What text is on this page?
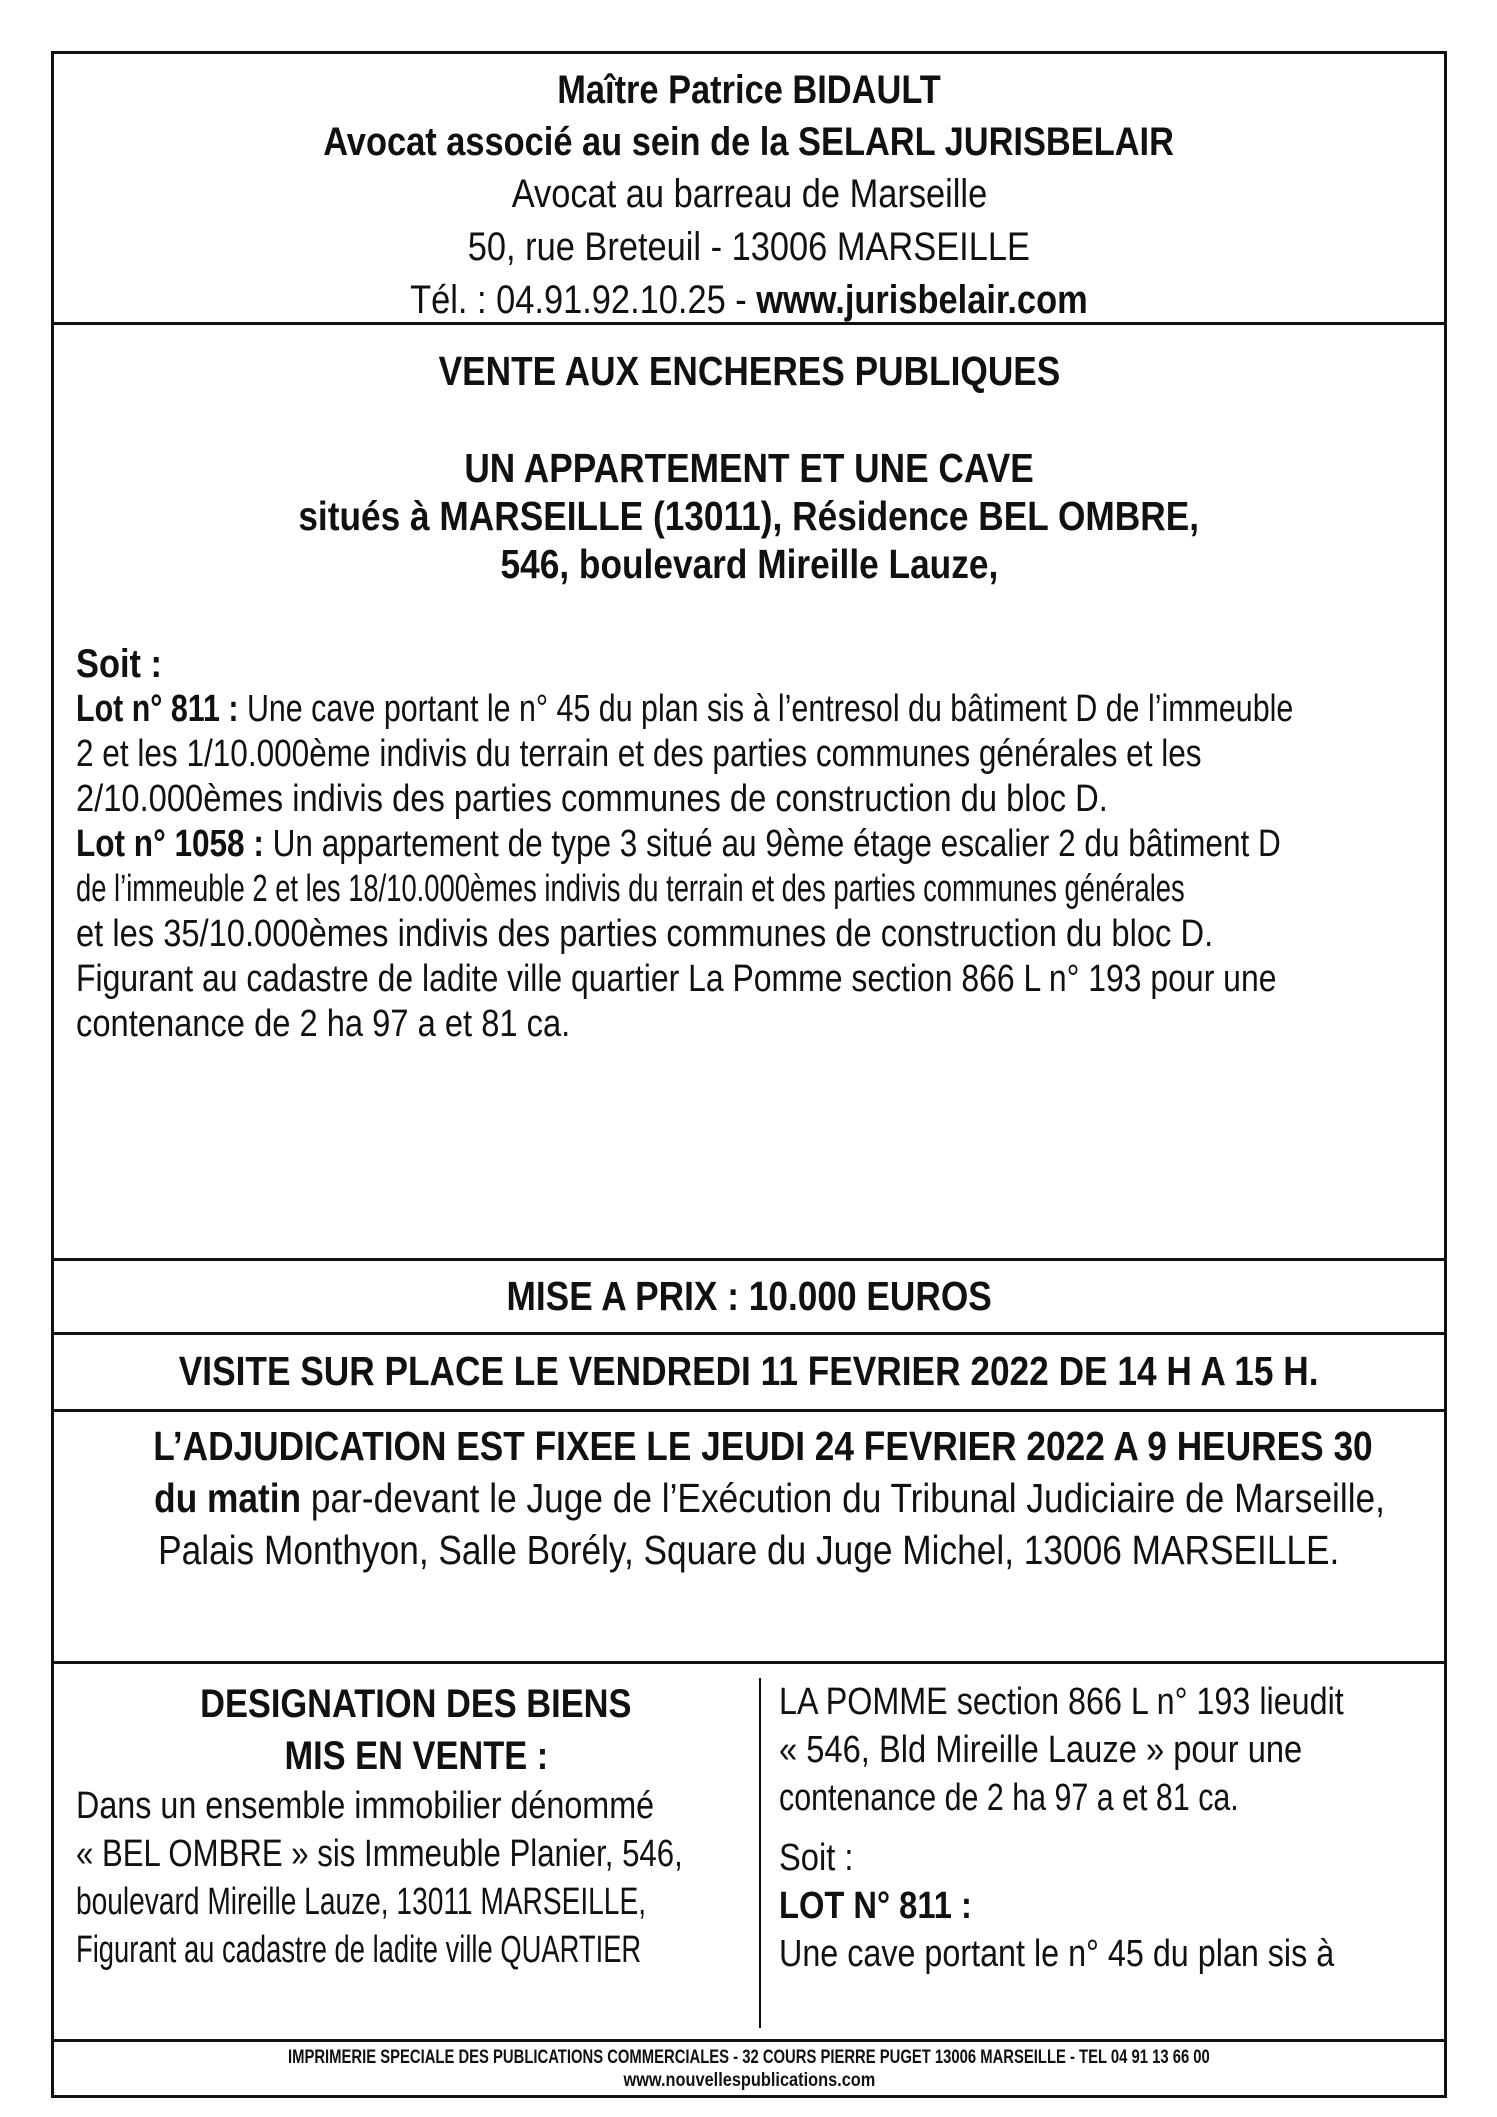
Maître Patrice BIDAULT
Avocat associé au sein de la SELARL JURISBELAIR
Avocat au barreau de Marseille
50, rue Breteuil - 13006 MARSEILLE
Tél. : 04.91.92.10.25 - www.jurisbelair.com
VENTE AUX ENCHERES PUBLIQUES
UN APPARTEMENT ET UNE CAVE
situés à MARSEILLE (13011), Résidence BEL OMBRE,
546, boulevard Mireille Lauze,
Soit :
Lot n° 811 : Une cave portant le n° 45 du plan sis à l’entresol du bâtiment D de l’immeuble
2 et les 1/10.000ème indivis du terrain et des parties communes générales et les
2/10.000èmes indivis des parties communes de construction du bloc D.
Lot n° 1058 : Un appartement de type 3 situé au 9ème étage escalier 2 du bâtiment D
de l’immeuble 2 et les 18/10.000èmes indivis du terrain et des parties communes générales
et les 35/10.000èmes indivis des parties communes de construction du bloc D.
Figurant au cadastre de ladite ville quartier La Pomme section 866 L n° 193 pour une
contenance de 2 ha 97 a et 81 ca.
MISE A PRIX : 10.000 EUROS
VISITE SUR PLACE LE VENDREDI 11 FEVRIER 2022 DE 14 H A 15 H.
L’ADJUDICATION EST FIXEE LE JEUDI 24 FEVRIER 2022 A 9 HEURES 30
du matin par-devant le Juge de l’Exécution du Tribunal Judiciaire de Marseille,
Palais Monthyon, Salle Borély, Square du Juge Michel, 13006 MARSEILLE.
DESIGNATION DES BIENS
MIS EN VENTE :
Dans un ensemble immobilier dénommé
« BEL OMBRE » sis Immeuble Planier, 546,
boulevard Mireille Lauze, 13011 MARSEILLE,
Figurant au cadastre de ladite ville QUARTIER
LA POMME section 866 L n° 193 lieudit
« 546, Bld Mireille Lauze » pour une
contenance de 2 ha 97 a et 81 ca.
Soit :
LOT N° 811 :
Une cave portant le n° 45 du plan sis à
IMPRIMERIE SPECIALE DES PUBLICATIONS COMMERCIALES - 32 COURS PIERRE PUGET 13006 MARSEILLE - TEL 04 91 13 66 00
www.nouvellespublications.com
